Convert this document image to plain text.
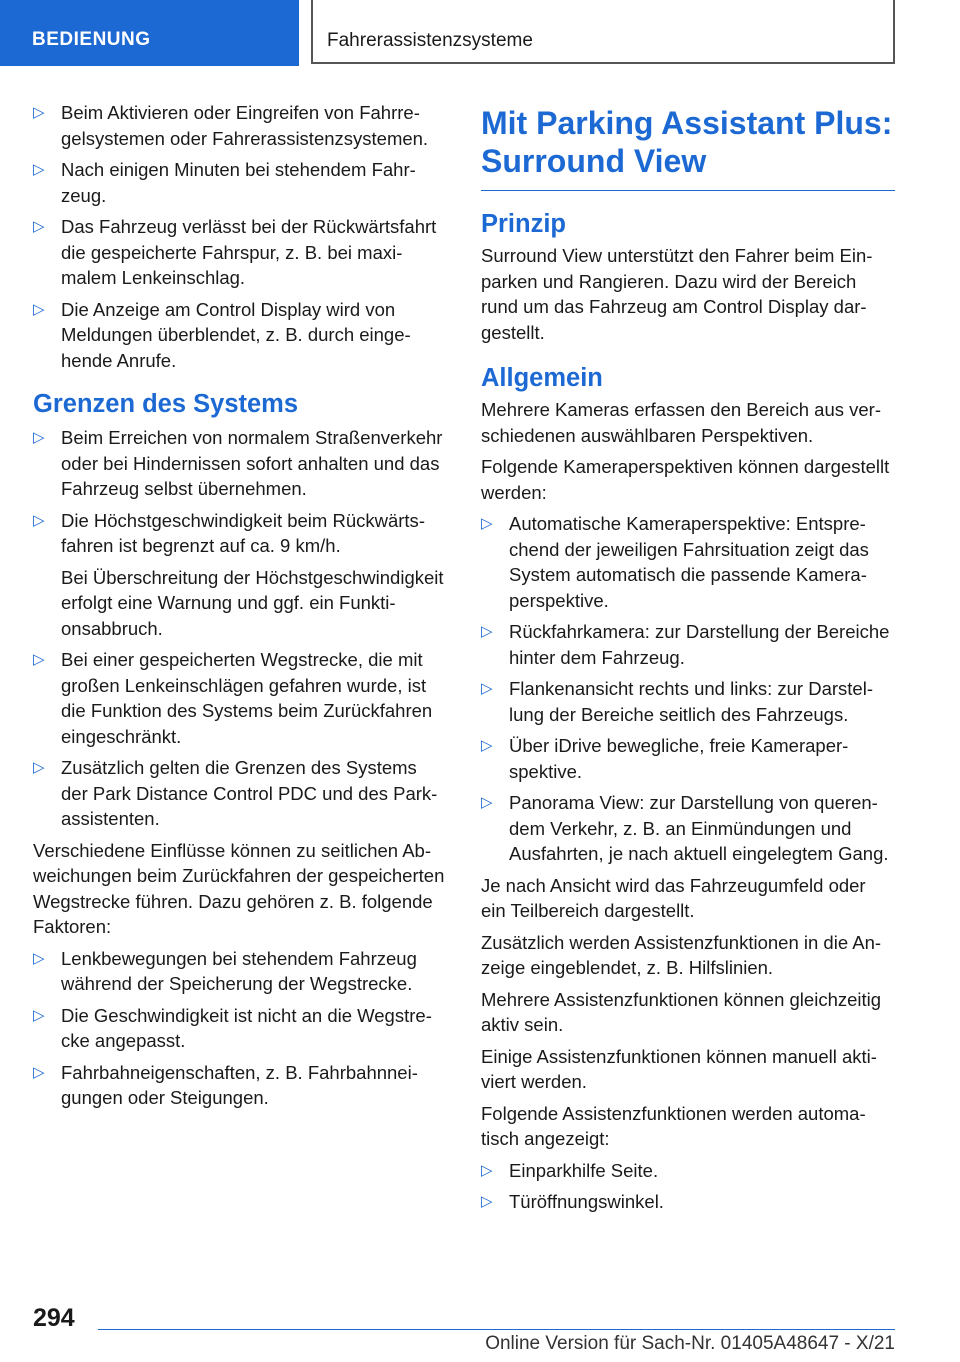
BEDIENUNG	Fahrerassistenzsysteme
▷ Beim Aktivieren oder Eingreifen von Fahrregelsystemen oder Fahrerassistenzsystemen.
▷ Nach einigen Minuten bei stehendem Fahrzeug.
▷ Das Fahrzeug verlässt bei der Rückwärtsfahrt die gespeicherte Fahrspur, z. B. bei maximalem Lenkeinschlag.
▷ Die Anzeige am Control Display wird von Meldungen überblendet, z. B. durch eingehende Anrufe.
Grenzen des Systems
▷ Beim Erreichen von normalem Straßenverkehr oder bei Hindernissen sofort anhalten und das Fahrzeug selbst übernehmen.
▷ Die Höchstgeschwindigkeit beim Rückwärtsfahren ist begrenzt auf ca. 9 km/h.
Bei Überschreitung der Höchstgeschwindigkeit erfolgt eine Warnung und ggf. ein Funktionsabbruch.
▷ Bei einer gespeicherten Wegstrecke, die mit großen Lenkeinschlägen gefahren wurde, ist die Funktion des Systems beim Zurückfahren eingeschränkt.
▷ Zusätzlich gelten die Grenzen des Systems der Park Distance Control PDC und des Parkassistenten.
Verschiedene Einflüsse können zu seitlichen Abweichungen beim Zurückfahren der gespeicherten Wegstrecke führen. Dazu gehören z. B. folgende Faktoren:
▷ Lenkbewegungen bei stehendem Fahrzeug während der Speicherung der Wegstrecke.
▷ Die Geschwindigkeit ist nicht an die Wegstrecke angepasst.
▷ Fahrbahneigenschaften, z. B. Fahrbahnneigungen oder Steigungen.
Mit Parking Assistant Plus: Surround View
Prinzip
Surround View unterstützt den Fahrer beim Einparken und Rangieren. Dazu wird der Bereich rund um das Fahrzeug am Control Display dargestellt.
Allgemein
Mehrere Kameras erfassen den Bereich aus verschiedenen auswählbaren Perspektiven.
Folgende Kameraperspektiven können dargestellt werden:
▷ Automatische Kameraperspektive: Entsprechend der jeweiligen Fahrsituation zeigt das System automatisch die passende Kameraperspektive.
▷ Rückfahrkamera: zur Darstellung der Bereiche hinter dem Fahrzeug.
▷ Flankenansicht rechts und links: zur Darstellung der Bereiche seitlich des Fahrzeugs.
▷ Über iDrive bewegliche, freie Kameraperspektive.
▷ Panorama View: zur Darstellung von querendem Verkehr, z. B. an Einmündungen und Ausfahrten, je nach aktuell eingelegtem Gang.
Je nach Ansicht wird das Fahrzeugumfeld oder ein Teilbereich dargestellt.
Zusätzlich werden Assistenzfunktionen in die Anzeige eingeblendet, z. B. Hilfslinien.
Mehrere Assistenzfunktionen können gleichzeitig aktiv sein.
Einige Assistenzfunktionen können manuell aktiviert werden.
Folgende Assistenzfunktionen werden automatisch angezeigt:
▷ Einparkhilfe Seite.
▷ Türöffnungswinkel.
294
Online Version für Sach-Nr. 01405A48647 - X/21
